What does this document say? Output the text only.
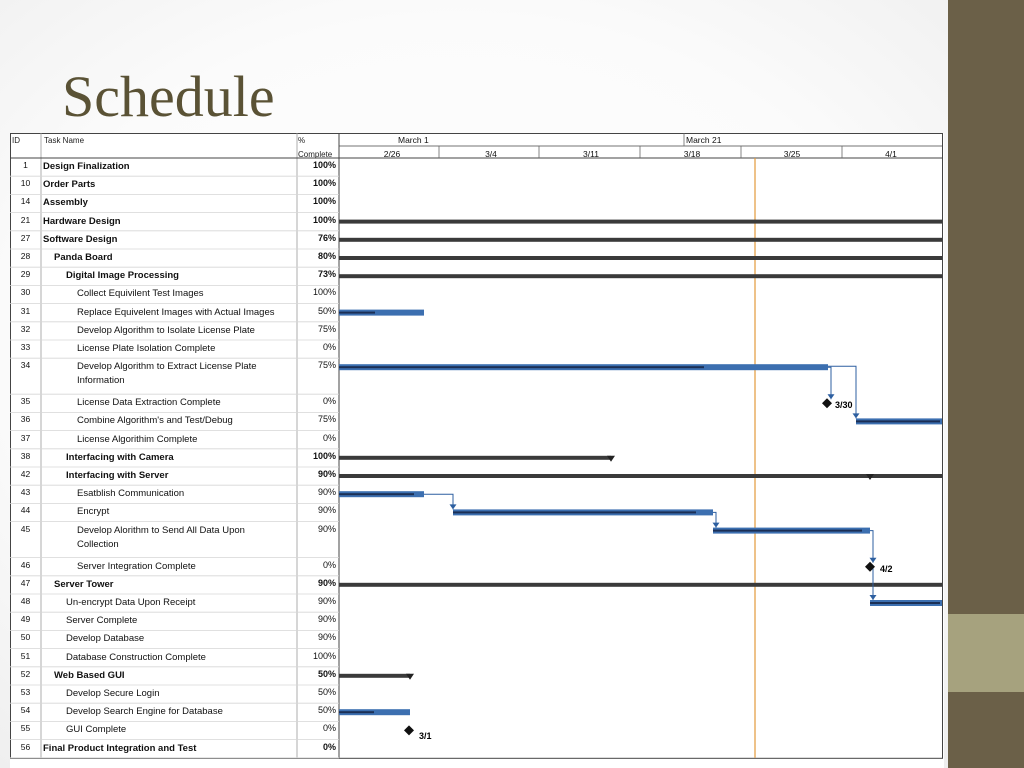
Schedule
ID	Task Name	%
Complete
March 1	March 21
2/26	3/4	3/11	3/18	3/25	4/1
1	Design Finalization	100%
10	Order Parts	100%
14	Assembly	100%
21	Hardware Design	100%
27	Software Design	76%
28	Panda Board	80%
29	Digital Image Processing	73%
30	Collect Equivilent Test Images	100%
31	Replace Equivelent Images with Actual Images	50%
32	Develop Algorithm to Isolate License Plate	75%
33	License Plate Isolation Complete	0%
34	Develop Algorithm to Extract License Plate
Information
75%
35	License Data Extraction Complete	0%
36	Combine Algorithm's and Test/Debug	75%
37	License Algorithim Complete	0%
38	Interfacing with Camera	100%
42	Interfacing with Server	90%
43	Esatblish Communication	90%
44	Encrypt	90%
45	Develop Alorithm to Send All Data Upon
Collection
90%
46	Server Integration Complete	0%
47	Server Tower	90%
48	Un-encrypt Data Upon Receipt	90%
49	Server Complete	90%
50	Develop Database	90%
51	Database Construction Complete	100%
52	Web Based GUI	50%
53	Develop Secure Login	50%
54	Develop Search Engine for Database	50%
55	GUI Complete	0%
56	Final Product Integration and Test	0%
3/30
4/2
3/1
